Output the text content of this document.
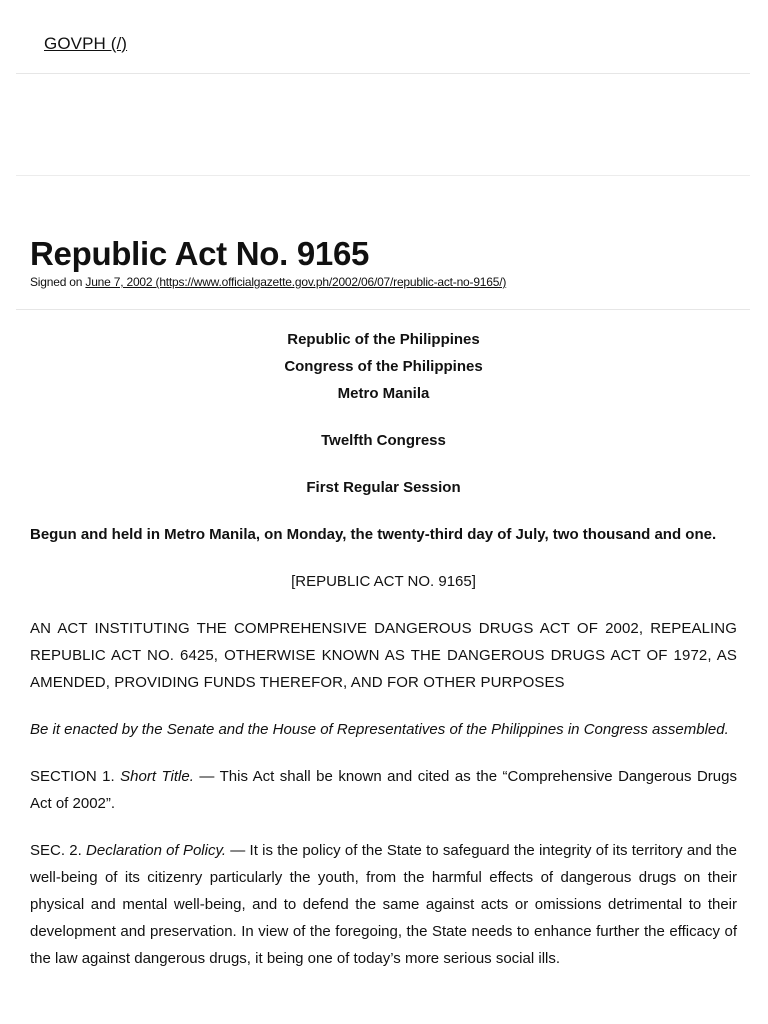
GOVPH (/)
Republic Act No. 9165
Signed on June 7, 2002 (https://www.officialgazette.gov.ph/2002/06/07/republic-act-no-9165/)

Republic of the Philippines

Congress of the Philippines

Metro Manila

Twelfth Congress

First Regular Session

Begun and held in Metro Manila, on Monday, the twenty-third day of July, two thousand and one.

[REPUBLIC ACT NO. 9165]

AN ACT INSTITUTING THE COMPREHENSIVE DANGEROUS DRUGS ACT OF 2002, REPEALING REPUBLIC ACT NO. 6425, OTHERWISE KNOWN AS THE DANGEROUS DRUGS ACT OF 1972, AS AMENDED, PROVIDING FUNDS THEREFOR, AND FOR OTHER PURPOSES

Be it enacted by the Senate and the House of Representatives of the Philippines in Congress assembled.

SECTION 1. Short Title. — This Act shall be known and cited as the “Comprehensive Dangerous Drugs Act of 2002”.

SEC. 2. Declaration of Policy. — It is the policy of the State to safeguard the integrity of its territory and the well-being of its citizenry particularly the youth, from the harmful effects of dangerous drugs on their physical and mental well-being, and to defend the same against acts or omissions detrimental to their development and preservation. In view of the foregoing, the State needs to enhance further the efficacy of the law against dangerous drugs, it being one of today’s more serious social ills.
